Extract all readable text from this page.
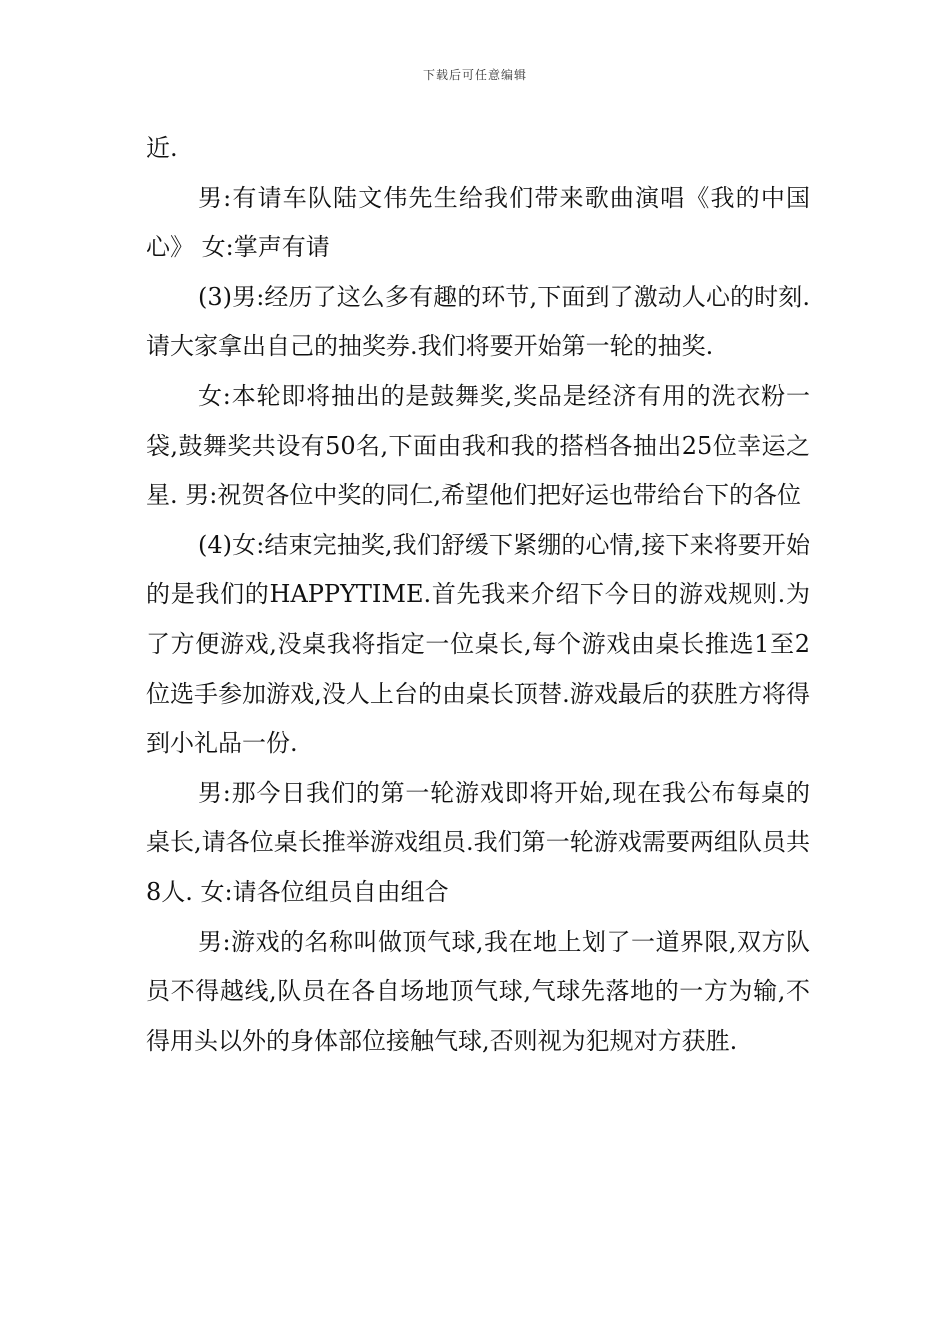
下载后可任意编辑

近.

男:有请车队陆文伟先生给我们带来歌曲演唱《我的中国心》 女:掌声有请

(3)男:经历了这么多有趣的环节,下面到了激动人心的时刻.请大家拿出自己的抽奖券.我们将要开始第一轮的抽奖.

女:本轮即将抽出的是鼓舞奖,奖品是经济有用的洗衣粉一袋,鼓舞奖共设有50名,下面由我和我的搭档各抽出25位幸运之星. 男:祝贺各位中奖的同仁,希望他们把好运也带给台下的各位

(4)女:结束完抽奖,我们舒缓下紧绷的心情,接下来将要开始的是我们的HAPPYTIME.首先我来介绍下今日的游戏规则.为了方便游戏,没桌我将指定一位桌长,每个游戏由桌长推选1至2位选手参加游戏,没人上台的由桌长顶替.游戏最后的获胜方将得到小礼品一份.

男:那今日我们的第一轮游戏即将开始,现在我公布每桌的桌长,请各位桌长推举游戏组员.我们第一轮游戏需要两组队员共8人. 女:请各位组员自由组合

男:游戏的名称叫做顶气球,我在地上划了一道界限,双方队员不得越线,队员在各自场地顶气球,气球先落地的一方为输,不得用头以外的身体部位接触气球,否则视为犯规对方获胜.
